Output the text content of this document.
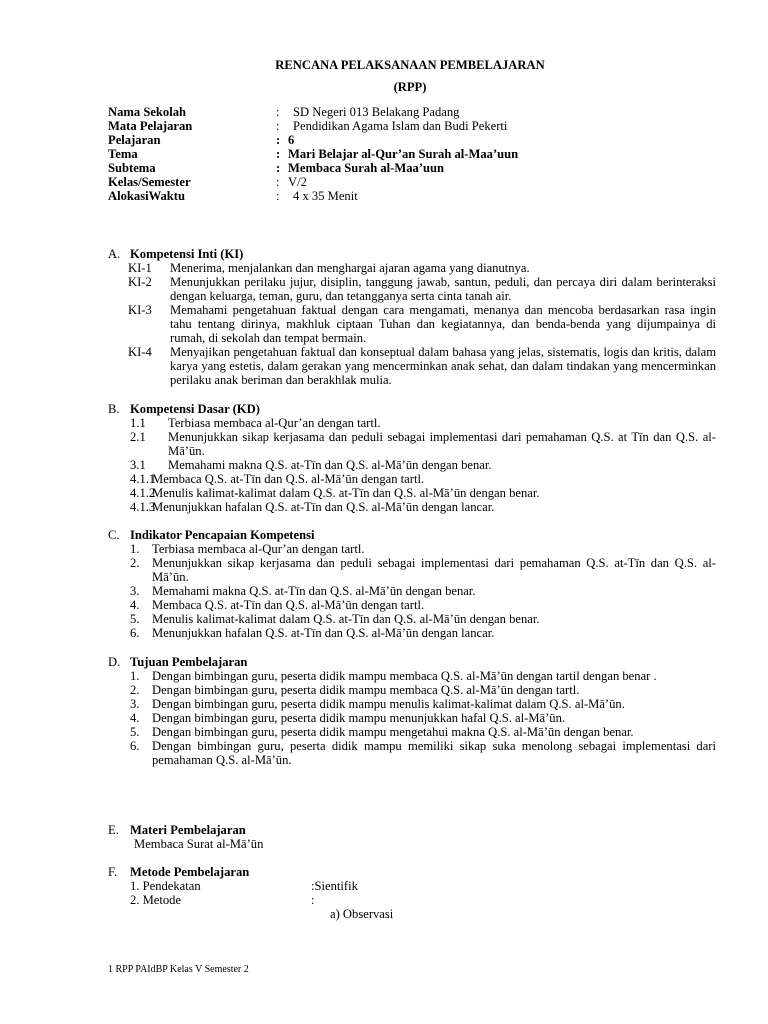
RENCANA PELAKSANAAN PEMBELAJARAN
(RPP)
Nama Sekolah	: SD Negeri 013 Belakang Padang
Mata Pelajaran	: Pendidikan Agama Islam dan Budi Pekerti
Pelajaran	: 6
Tema	: Mari Belajar al-Qur’an Surah al-Maa’uun
Subtema	: Membaca Surah al-Maa’uun
Kelas/Semester	: V/2
AlokasiWaktu	: 4 x 35 Menit
A. Kompetensi Inti (KI)
KI-1 Menerima, menjalankan dan menghargai ajaran agama yang dianutnya.
KI-2 Menunjukkan perilaku jujur, disiplin, tanggung jawab, santun, peduli, dan percaya diri dalam berinteraksi dengan keluarga, teman, guru, dan tetangganya serta cinta tanah air.
KI-3 Memahami pengetahuan faktual dengan cara mengamati, menanya dan mencoba berdasarkan rasa ingin tahu tentang dirinya, makhluk ciptaan Tuhan dan kegiatannya, dan benda-benda yang dijumpainya di rumah, di sekolah dan tempat bermain.
KI-4 Menyajikan pengetahuan faktual dan konseptual dalam bahasa yang jelas, sistematis, logis dan kritis, dalam karya yang estetis, dalam gerakan yang mencerminkan anak sehat, dan dalam tindakan yang mencerminkan perilaku anak beriman dan berakhlak mulia.
B. Kompetensi Dasar (KD)
1.1 Terbiasa membaca al-Qur’an dengan tartl.
2.1 Menunjukkan sikap kerjasama dan peduli sebagai implementasi dari pemahaman Q.S. at Tīn dan Q.S. al-Mā’ūn.
3.1 Memahami makna Q.S. at-Tīn dan Q.S. al-Mā’ūn dengan benar.
4.1.1
Membaca Q.S. at-Tīn dan Q.S. al-Mā’ūn dengan tartl.
4.1.2
Menulis kalimat-kalimat dalam Q.S. at-Tīn dan Q.S. al-Mā’ūn dengan benar.
4.1.3
Menunjukkan hafalan Q.S. at-Tīn dan Q.S. al-Mā’ūn dengan lancar.
C. Indikator Pencapaian Kompetensi
1. Terbiasa membaca al-Qur’an dengan tartl.
2. Menunjukkan sikap kerjasama dan peduli sebagai implementasi dari pemahaman Q.S. at-Tīn dan Q.S. al-Mā’ūn.
3. Memahami makna Q.S. at-Tīn dan Q.S. al-Mā’ūn dengan benar.
4. Membaca Q.S. at-Tīn dan Q.S. al-Mā’ūn dengan tartl.
5. Menulis kalimat-kalimat dalam Q.S. at-Tīn dan Q.S. al-Mā’ūn dengan benar.
6. Menunjukkan hafalan Q.S. at-Tīn dan Q.S. al-Mā’ūn dengan lancar.
D. Tujuan Pembelajaran
1. Dengan bimbingan guru, peserta didik mampu membaca Q.S. al-Mā’ūn dengan tartil dengan benar .
2. Dengan bimbingan guru, peserta didik mampu membaca Q.S. al-Mā’ūn dengan tartl.
3. Dengan bimbingan guru, peserta didik mampu menulis kalimat-kalimat dalam Q.S. al-Mā’ūn.
4. Dengan bimbingan guru, peserta didik mampu menunjukkan hafal Q.S. al-Mā’ūn.
5. Dengan bimbingan guru, peserta didik mampu mengetahui makna Q.S. al-Mā’ūn dengan benar.
6. Dengan bimbingan guru, peserta didik mampu memiliki sikap suka menolong sebagai implementasi dari pemahaman Q.S. al-Mā’ūn.
E. Materi Pembelajaran
Membaca Surat al-Mā’ūn
F. Metode Pembelajaran
1. Pendekatan	:Sientifik
2. Metode	:
a) Observasi
1 RPP PAIdBP Kelas V Semester 2
